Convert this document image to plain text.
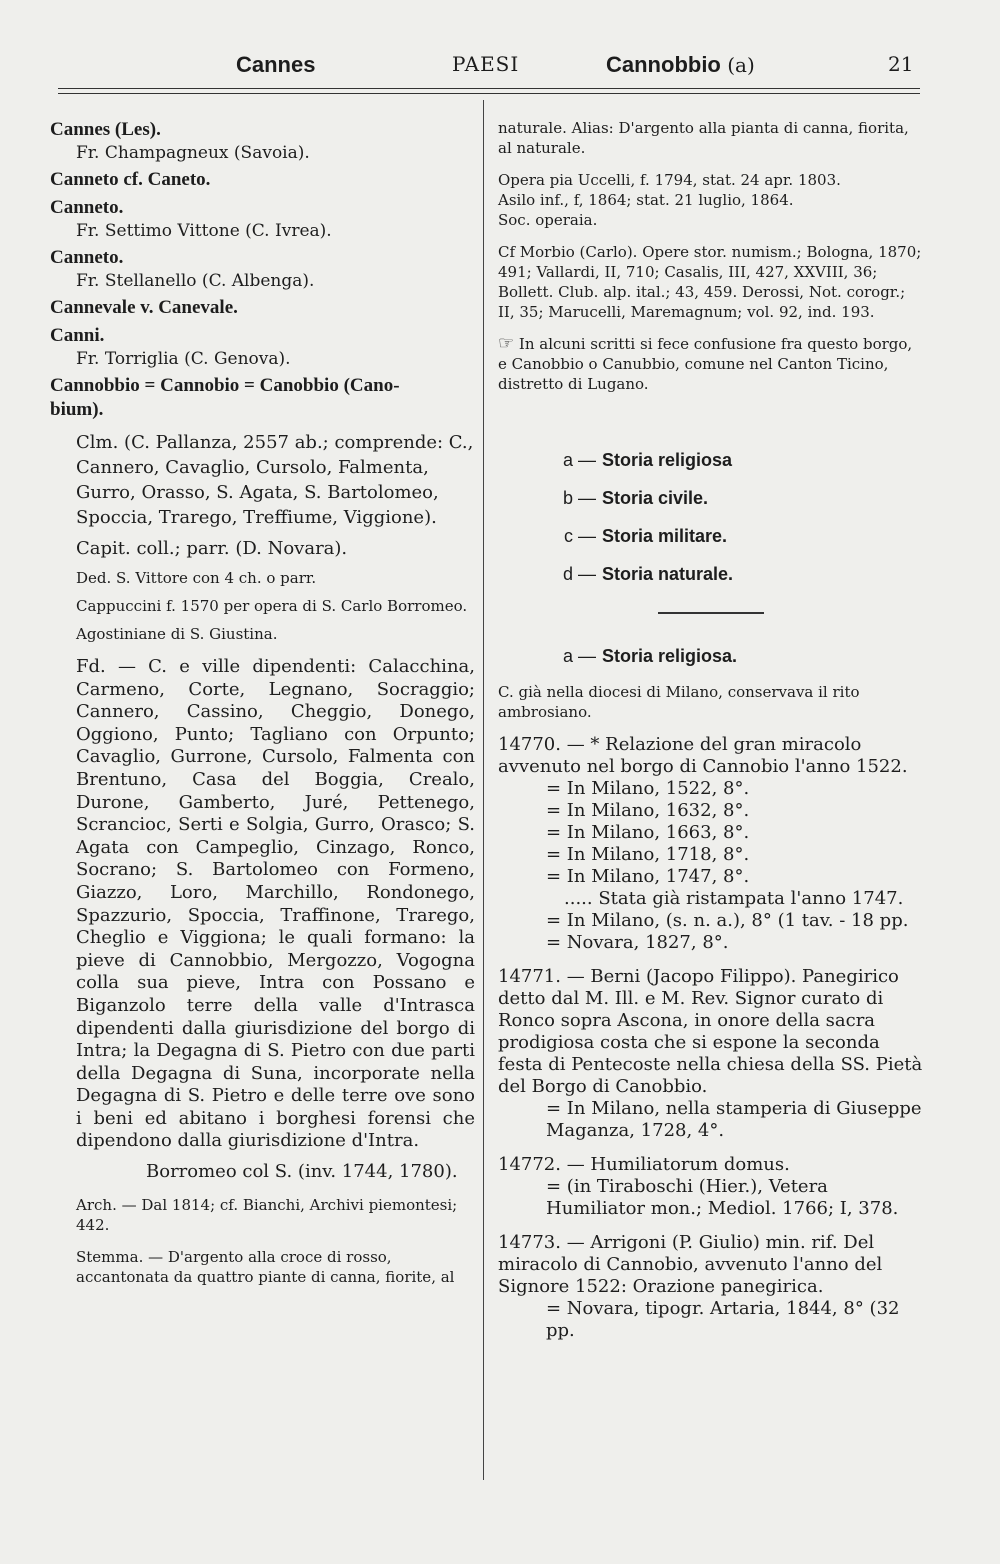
Cannes	PAESI	Cannobbio (a)	21

Cannes (Les).

Fr. Champagneux (Savoia).

Canneto cf. Caneto.

Canneto.

Fr. Settimo Vittone (C. Ivrea).

Canneto.

Fr. Stellanello (C. Albenga).

Cannevale v. Canevale.

Canni.

Fr. Torriglia (C. Genova).

Cannobbio = Cannobio = Canobbio (Cano-

bium).

Clm. (C. Pallanza, 2557 ab.; comprende: C., Cannero, Cavaglio, Cursolo, Falmenta, Gurro, Orasso, S. Agata, S. Bartolomeo, Spoccia, Trarego, Treffiume, Viggione).

Capit. coll.; parr. (D. Novara).

Ded. S. Vittore con 4 ch. o parr.

Cappuccini f. 1570 per opera di S. Carlo Borromeo.

Agostiniane di S. Giustina.

Fd. — C. e ville dipendenti: Calacchina, Carmeno, Corte, Legnano, Socraggio; Cannero, Cassino, Cheggio, Donego, Oggiono, Punto; Tagliano con Orpunto; Cavaglio, Gurrone, Cursolo, Falmenta con Brentuno, Casa del Boggia, Crealo, Durone, Gamberto, Juré, Pettenego, Scrancioc, Serti e Solgia, Gurro, Orasco; S. Agata con Campeglio, Cinzago, Ronco, Socrano; S. Bartolomeo con Formeno, Giazzo, Loro, Marchillo, Rondonego, Spazzurio, Spoccia, Traffinone, Trarego, Cheglio e Viggiona; le quali formano: la pieve di Cannobbio, Mergozzo, Vogogna colla sua pieve, Intra con Possano e Biganzolo terre della valle d'Intrasca dipendenti dalla giurisdizione del borgo di Intra; la Degagna di S. Pietro con due parti della Degagna di Suna, incorporate nella Degagna di S. Pietro e delle terre ove sono i beni ed abitano i borghesi forensi che dipendono dalla giurisdizione d'Intra.

Borromeo col S. (inv. 1744, 1780).

Arch. — Dal 1814; cf. Bianchi, Archivi piemontesi; 442.

Stemma. — D'argento alla croce di rosso, accantonata da quattro piante di canna, fiorite, al

naturale. Alias: D'argento alla pianta di canna, fiorita, al naturale.

Opera pia Uccelli, f. 1794, stat. 24 apr. 1803.

Asilo inf., f, 1864; stat. 21 luglio, 1864.

Soc. operaia.

Cf Morbio (Carlo). Opere stor. numism.; Bologna, 1870; 491; Vallardi, II, 710; Casalis, III, 427, XXVIII, 36; Bollett. Club. alp. ital.; 43, 459. Derossi, Not. corogr.; II, 35; Marucelli, Maremagnum; vol. 92, ind. 193.

☞ In alcuni scritti si fece confusione fra questo borgo, e Canobbio o Canubbio, comune nel Canton Ticino, distretto di Lugano.

a — Storia religiosa
b — Storia civile.
c — Storia militare.
d — Storia naturale.
a — Storia religiosa.

C. già nella diocesi di Milano, conservava il rito ambrosiano.

14770. — * Relazione del gran miracolo avvenuto nel borgo di Cannobio l'anno 1522.

= In Milano, 1522, 8°.

= In Milano, 1632, 8°.

= In Milano, 1663, 8°.

= In Milano, 1718, 8°.

= In Milano, 1747, 8°.

..... Stata già ristampata l'anno 1747.

= In Milano, (s. n. a.), 8° (1 tav. - 18 pp.

= Novara, 1827, 8°.

14771. — Berni (Jacopo Filippo). Panegirico detto dal M. Ill. e M. Rev. Signor curato di Ronco sopra Ascona, in onore della sacra prodigiosa costa che si espone la seconda festa di Pentecoste nella chiesa della SS. Pietà del Borgo di Canobbio.

= In Milano, nella stamperia di Giuseppe Maganza, 1728, 4°.

14772. — Humiliatorum domus.

= (in Tiraboschi (Hier.), Vetera Humiliator mon.; Mediol. 1766; I, 378.

14773. — Arrigoni (P. Giulio) min. rif. Del miracolo di Cannobio, avvenuto l'anno del Signore 1522: Orazione panegirica.

= Novara, tipogr. Artaria, 1844, 8° (32 pp.
